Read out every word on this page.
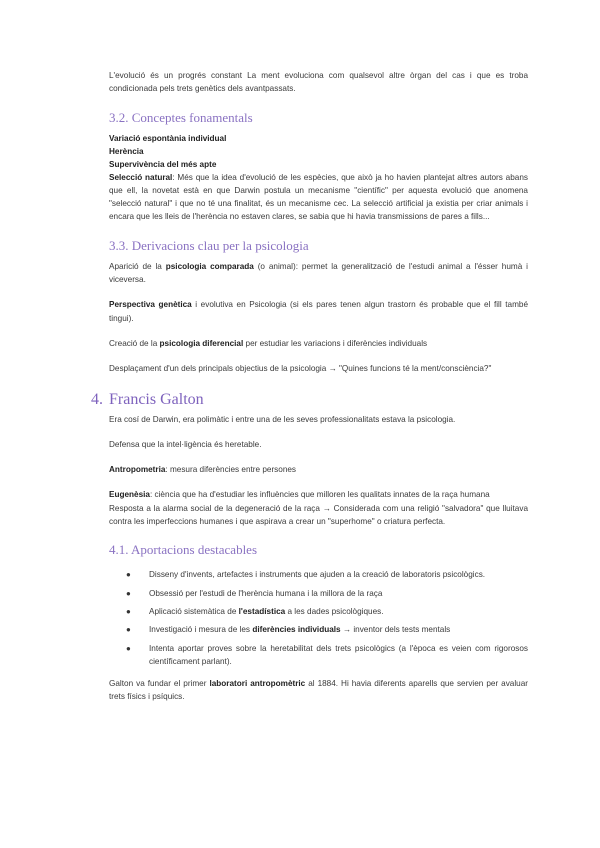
L'evolució és un progrés constant La ment evoluciona com qualsevol altre òrgan del cas i que es troba condicionada pels trets genètics dels avantpassats.

3.2. Conceptes fonamentals
Variació espontània individual
Herència
Supervivència del més apte

Selecció natural: Més que la idea d'evolució de les espècies, que això ja ho havien plantejat altres autors abans que ell, la novetat està en que Darwin postula un mecanisme "científic" per aquesta evolució que anomena "selecció natural" i que no té una finalitat, és un mecanisme cec. La selecció artificial ja existia per criar animals i encara que les lleis de l'herència no estaven clares, se sabia que hi havia transmissions de pares a fills...

3.3. Derivacions clau per la psicologia

Aparició de la psicologia comparada (o animal): permet la generalització de l'estudi animal a l'ésser humà i viceversa.

Perspectiva genètica i evolutiva en Psicologia (si els pares tenen algun trastorn és probable que el fill també tingui).

Creació de la psicologia diferencial per estudiar les variacions i diferències individuals

Desplaçament d'un dels principals objectius de la psicologia → "Quines funcions té la ment/consciència?"

4. Francis Galton

Era cosí de Darwin, era polimàtic i entre una de les seves professionalitats estava la psicologia.

Defensa que la intel·ligència és heretable.

Antropometria: mesura diferències entre persones

Eugenèsia: ciència que ha d'estudiar les influències que milloren les qualitats innates de la raça humana
Resposta a la alarma social de la degeneració de la raça → Considerada com una religió "salvadora" que lluitava contra les imperfeccions humanes i que aspirava a crear un "superhome" o criatura perfecta.

4.1. Aportacions destacables
● Disseny d'invents, artefactes i instruments que ajuden a la creació de laboratoris psicològics.
● Obsessió per l'estudi de l'herència humana i la millora de la raça
● Aplicació sistemàtica de l'estadística a les dades psicològiques.
● Investigació i mesura de les diferències individuals → inventor dels tests mentals
● Intenta aportar proves sobre la heretabilitat dels trets psicològics (a l'època es veien com rigorosos científicament parlant).

Galton va fundar el primer laboratori antropomètric al 1884. Hi havia diferents aparells que servien per avaluar trets físics i psíquics.
